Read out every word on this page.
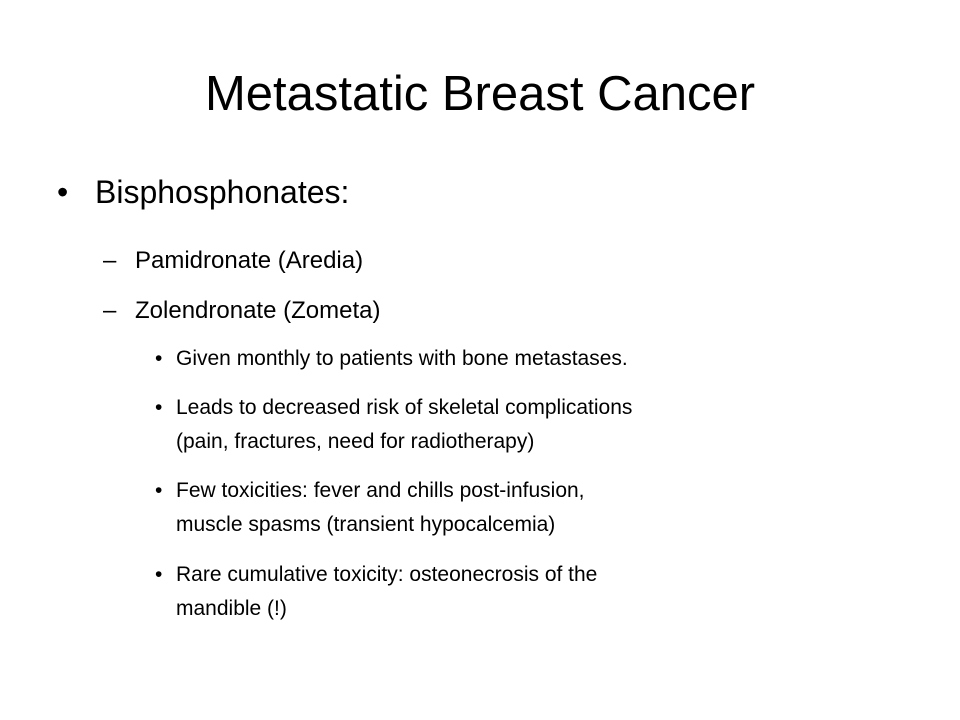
Metastatic Breast Cancer
• Bisphosphonates:
– Pamidronate (Aredia)
– Zolendronate (Zometa)
• Given monthly to patients with bone metastases.
• Leads to decreased risk of skeletal complications
(pain, fractures, need for radiotherapy)
• Few toxicities: fever and chills post-infusion,
muscle spasms (transient hypocalcemia)
• Rare cumulative toxicity: osteonecrosis of the
mandible (!)
